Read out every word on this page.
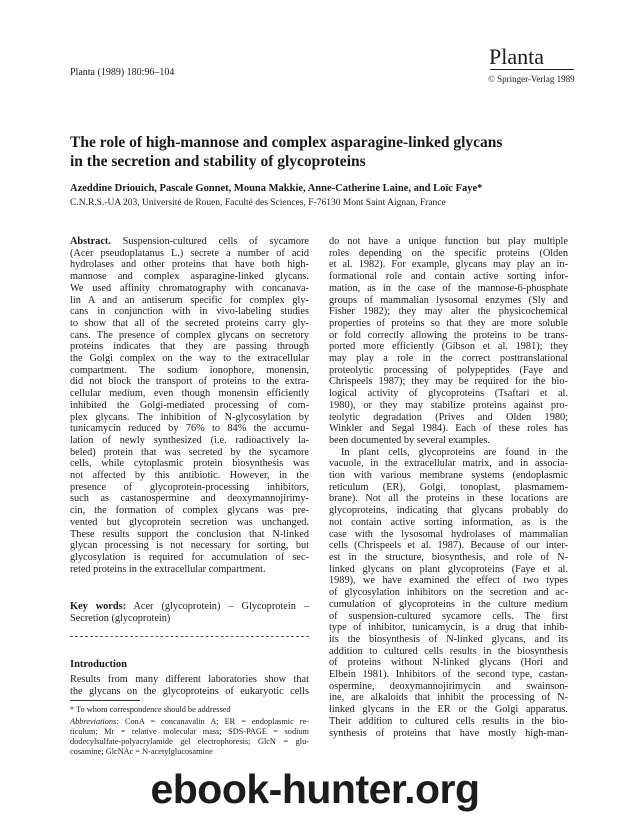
Planta (1989) 180:96–104
Planta
© Springer-Verlag 1989
The role of high-mannose and complex asparagine-linked glycans
in the secretion and stability of glycoproteins
Azeddine Driouich, Pascale Gonnet, Mouna Makkie, Anne-Catherine Laine, and Loïc Faye*
C.N.R.S.-UA 203, Université de Rouen, Faculté des Sciences, F-76130 Mont Saint Aignan, France
Abstract. Suspension-cultured cells of sycamore
(Acer pseudoplatanus L.) secrete a number of acid
hydrolases and other proteins that have both high-
mannose and complex asparagine-linked glycans.
We used affinity chromatography with concanava-
lin A and an antiserum specific for complex gly-
cans in conjunction with in vivo-labeling studies
to show that all of the secreted proteins carry gly-
cans. The presence of complex glycans on secretory
proteins indicates that they are passing through
the Golgi complex on the way to the extracellular
compartment. The sodium ionophore, monensin,
did not block the transport of proteins to the extra-
cellular medium, even though monensin efficiently
inhibited the Golgi-mediated processing of com-
plex glycans. The inhibition of N-glycosylation by
tunicamycin reduced by 76% to 84% the accumu-
lation of newly synthesized (i.e. radioactively la-
beled) protein that was secreted by the sycamore
cells, while cytoplasmic protein biosynthesis was
not affected by this antibiotic. However, in the
presence of glycoprotein-processing inhibitors,
such as castanospermine and deoxymannojirimy-
cin, the formation of complex glycans was pre-
vented but glycoprotein secretion was unchanged.
These results support the conclusion that N-linked
glycan processing is not necessary for sorting, but
glycosylation is required for accumulation of sec-
reted proteins in the extracellular compartment.
Key words: Acer (glycoprotein) – Glycoprotein –
Secretion (glycoprotein)
Introduction
Results from many different laboratories show that
the glycans on the glycoproteins of eukaryotic cells
* To whom correspondence should be addressed
Abbreviations: ConA = concanavalin A; ER = endoplasmic re-
ticulum; Mr = relative molecular mass; SDS-PAGE = sodium
dodecylsulfate-polyacrylamide gel electrophoresis; GlcN = glu-
cosamine; GlcNAc = N-acetylglucosamine
do not have a unique function but play multiple
roles depending on the specific proteins (Olden
et al. 1982). For example, glycans may play an in-
formational role and contain active sorting infor-
mation, as in the case of the mannose-6-phosphate
groups of mammalian lysosomal enzymes (Sly and
Fisher 1982); they may alter the physicochemical
properties of proteins so that they are more soluble
or fold correctly allowing the proteins to be trans-
ported more efficiently (Gibson et al. 1981); they
may play a role in the correct posttranslational
proteolytic processing of polypeptides (Faye and
Chrispeels 1987); they may be required for the bio-
logical activity of glycoproteins (Tsaftari et al.
1980), or they may stabilize proteins against pro-
teolytic degradation (Prives and Olden 1980;
Winkler and Segal 1984). Each of these roles has
been documented by several examples.
In plant cells, glycoproteins are found in the
vacuole, in the extracellular matrix, and in associa-
tion with various membrane systems (endoplasmic
reticulum (ER), Golgi, tonoplast, plasmamem-
brane). Not all the proteins in these locations are
glycoproteins, indicating that glycans probably do
not contain active sorting information, as is the
case with the lysosomal hydrolases of mammalian
cells (Chrispeels et al. 1987). Because of our inter-
est in the structure, biosynthesis, and role of N-
linked glycans on plant glycoproteins (Faye et al.
1989), we have examined the effect of two types
of glycosylation inhibitors on the secretion and ac-
cumulation of glycoproteins in the culture medium
of suspension-cultured sycamore cells. The first
type of inhibitor, tunicamycin, is a drug that inhib-
its the biosynthesis of N-linked glycans, and its
addition to cultured cells results in the biosynthesis
of proteins without N-linked glycans (Hori and
Elbein 1981). Inhibitors of the second type, castan-
ospermine, deoxymannojirimycin and swainson-
ine, are alkaloids that inhibit the processing of N-
linked glycans in the ER or the Golgi apparatus.
Their addition to cultured cells results in the bio-
synthesis of proteins that have mostly high-man-
ebook-hunter.org
